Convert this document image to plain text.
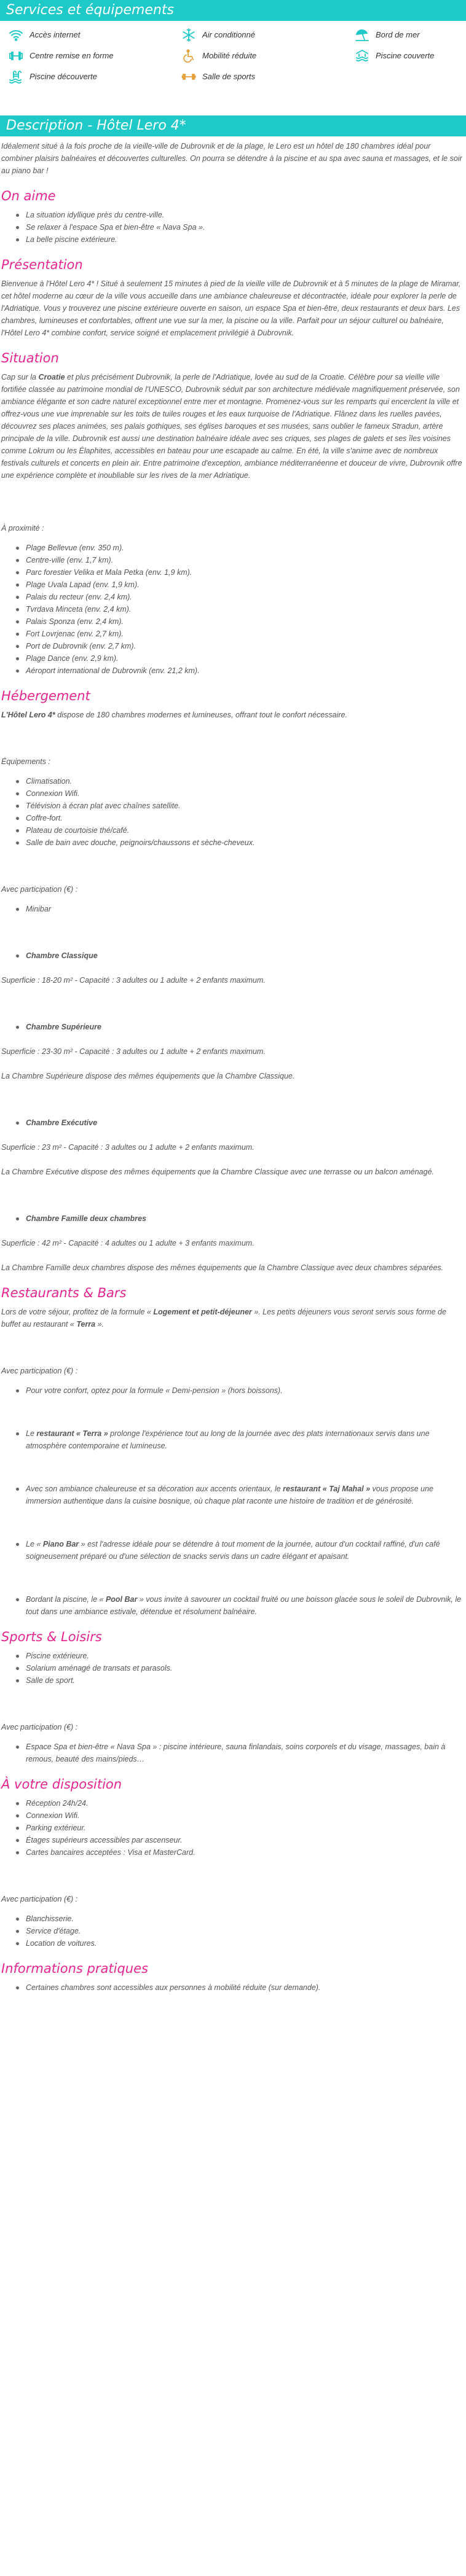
Services et équipements
Accès internet	Air conditionné	Bord de mer
Centre remise en forme	Mobilité réduite	Piscine couverte
Piscine découverte	Salle de sports
Description - Hôtel Lero 4*

Idéalement situé à la fois proche de la vieille-ville de Dubrovnik et de la plage, le Lero est un hôtel de 180 chambres idéal pour combiner plaisirs balnéaires et découvertes culturelles. On pourra se détendre à la piscine et au spa avec sauna et massages, et le soir au piano bar !

On aime
La situation idyllique près du centre-ville.
Se relaxer à l'espace Spa et bien-être « Nava Spa ».
La belle piscine extérieure.
Présentation

Bienvenue à l'Hôtel Lero 4* ! Situé à seulement 15 minutes à pied de la vieille ville de Dubrovnik et à 5 minutes de la plage de Miramar, cet hôtel moderne au cœur de la ville vous accueille dans une ambiance chaleureuse et décontractée, idéale pour explorer la perle de l'Adriatique. Vous y trouverez une piscine extérieure ouverte en saison, un espace Spa et bien-être, deux restaurants et deux bars. Les chambres, lumineuses et confortables, offrent une vue sur la mer, la piscine ou la ville. Parfait pour un séjour culturel ou balnéaire, l'Hôtel Lero 4* combine confort, service soigné et emplacement privilégié à Dubrovnik.

Situation

Cap sur la Croatie et plus précisément Dubrovnik, la perle de l'Adriatique, lovée au sud de la Croatie. Célèbre pour sa vieille ville fortifiée classée au patrimoine mondial de l'UNESCO, Dubrovnik séduit par son architecture médiévale magnifiquement préservée, son ambiance élégante et son cadre naturel exceptionnel entre mer et montagne. Promenez-vous sur les remparts qui encerclent la ville et offrez-vous une vue imprenable sur les toits de tuiles rouges et les eaux turquoise de l'Adriatique. Flânez dans les ruelles pavées, découvrez ses places animées, ses palais gothiques, ses églises baroques et ses musées, sans oublier le fameux Stradun, artère principale de la ville. Dubrovnik est aussi une destination balnéaire idéale avec ses criques, ses plages de galets et ses îles voisines comme Lokrum ou les Élaphites, accessibles en bateau pour une escapade au calme. En été, la ville s'anime avec de nombreux festivals culturels et concerts en plein air. Entre patrimoine d'exception, ambiance méditerranéenne et douceur de vivre, Dubrovnik offre une expérience complète et inoubliable sur les rives de la mer Adriatique.

À proximité :
Plage Bellevue (env. 350 m).
Centre-ville (env. 1,7 km).
Parc forestier Velika et Mala Petka (env. 1,9 km).
Plage Uvala Lapad (env. 1,9 km).
Palais du recteur (env. 2,4 km).
Tvrdava Minceta (env. 2,4 km).
Palais Sponza (env. 2,4 km).
Fort Lovrjenac (env. 2,7 km).
Port de Dubrovnik (env. 2,7 km).
Plage Dance (env. 2,9 km).
Aéroport international de Dubrovnik (env. 21,2 km).
Hébergement

L'Hôtel Lero 4* dispose de 180 chambres modernes et lumineuses, offrant tout le confort nécessaire.

Équipements :
Climatisation.
Connexion Wifi.
Télévision à écran plat avec chaînes satellite.
Coffre-fort.
Plateau de courtoisie thé/café.
Salle de bain avec douche, peignoirs/chaussons et sèche-cheveux.
Avec participation (€) :
Minibar
Chambre Classique

Superficie : 18-20 m² - Capacité : 3 adultes ou 1 adulte + 2 enfants maximum.

Chambre Supérieure

Superficie : 23-30 m² - Capacité : 3 adultes ou 1 adulte + 2 enfants maximum.

La Chambre Supérieure dispose des mêmes équipements que la Chambre Classique.

Chambre Exécutive

Superficie : 23 m² - Capacité : 3 adultes ou 1 adulte + 2 enfants maximum.

La Chambre Exécutive dispose des mêmes équipements que la Chambre Classique avec une terrasse ou un balcon aménagé.

Chambre Famille deux chambres

Superficie : 42 m² - Capacité : 4 adultes ou 1 adulte + 3 enfants maximum.

La Chambre Famille deux chambres dispose des mêmes équipements que la Chambre Classique avec deux chambres séparées.

Restaurants & Bars

Lors de votre séjour, profitez de la formule « Logement et petit-déjeuner ». Les petits déjeuners vous seront servis sous forme de buffet au restaurant « Terra ».

Avec participation (€) :
Pour votre confort, optez pour la formule « Demi-pension » (hors boissons).
Le restaurant « Terra » prolonge l'expérience tout au long de la journée avec des plats internationaux servis dans une atmosphère contemporaine et lumineuse.
Avec son ambiance chaleureuse et sa décoration aux accents orientaux, le restaurant « Taj Mahal » vous propose une immersion authentique dans la cuisine bosnique, où chaque plat raconte une histoire de tradition et de générosité.
Le « Piano Bar » est l'adresse idéale pour se détendre à tout moment de la journée, autour d'un cocktail raffiné, d'un café soigneusement préparé ou d'une sélection de snacks servis dans un cadre élégant et apaisant.
Bordant la piscine, le « Pool Bar » vous invite à savourer un cocktail fruité ou une boisson glacée sous le soleil de Dubrovnik, le tout dans une ambiance estivale, détendue et résolument balnéaire.
Sports & Loisirs
Piscine extérieure.
Solarium aménagé de transats et parasols.
Salle de sport.
Avec participation (€) :
Espace Spa et bien-être « Nava Spa » : piscine intérieure, sauna finlandais, soins corporels et du visage, massages, bain à remous, beauté des mains/pieds…
À votre disposition
Réception 24h/24.
Connexion Wifi.
Parking extérieur.
Étages supérieurs accessibles par ascenseur.
Cartes bancaires acceptées : Visa et MasterCard.
Avec participation (€) :
Blanchisserie.
Service d'étage.
Location de voitures.
Informations pratiques
Certaines chambres sont accessibles aux personnes à mobilité réduite (sur demande).
